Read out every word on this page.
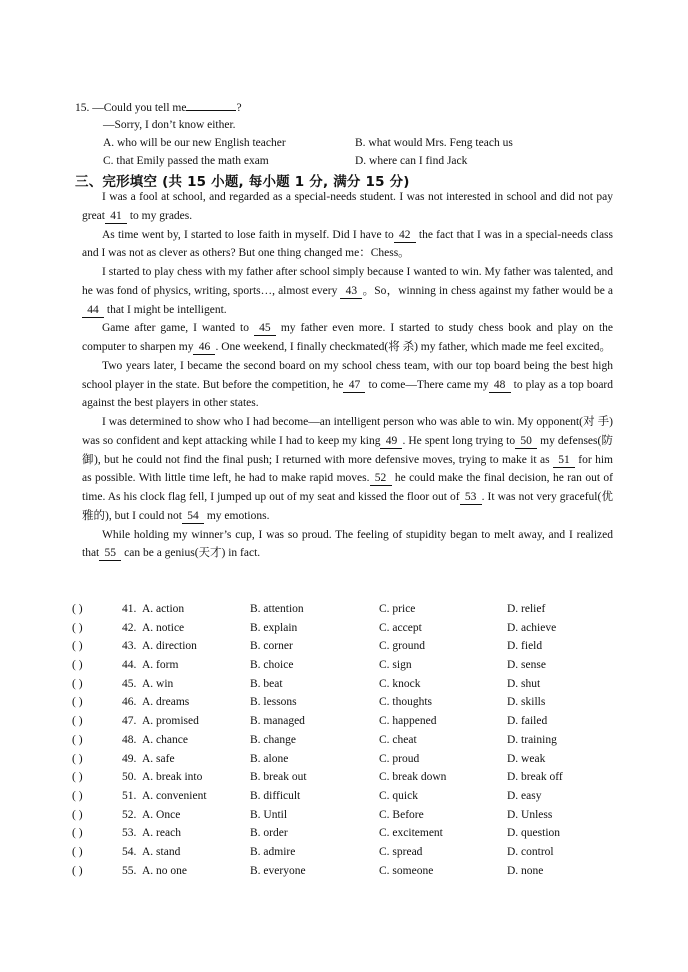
15. —Could you tell me	?
—Sorry, I don’t know either.
A. who will be our new English teacher	B. what would Mrs. Feng teach us
C. that Emily passed the math exam	D. where can I find Jack
三、完形填空 (共 15 小题, 每小题 1 分, 满分 15 分)

I was a fool at school, and regarded as a special-needs student. I was not interested in school and did not pay great 41 to my grades.

As time went by, I started to lose faith in myself. Did I have to 42 the fact that I was in a special-needs class and I was not as clever as others? But one thing changed me：Chess。

I started to play chess with my father after school simply because I wanted to win. My father was talented, and he was fond of physics, writing, sports…, almost every 43 。So，winning in chess against my father would be a44 that I might be intelligent.

Game after game, I wanted to 45 my father even more. I started to study chess book and play on the computer to sharpen my 46 . One weekend, I finally checkmated(将 杀) my father, which made me feel excited。

Two years later, I became the second board on my school chess team, with our top board being the best high school player in the state. But before the competition, he 47 to come—There came my 48 to play as a top board against the best players in other states.

I was determined to show who I had become—an intelligent person who was able to win. My opponent(对 手) was so confident and kept attacking while I had to keep my king 49 . He spent long trying to 50 my defenses(防 御), but he could not find the final push; I returned with more defensive moves, trying to make it as 51 for him as possible. With little time left, he had to make rapid moves. 52 he could make the final decision, he ran out of time. As his clock flag fell, I jumped up out of my seat and kissed the floor out of 53 . It was not very graceful(优雅的), but I could not 54 my emotions.

While holding my winner’s cup, I was so proud. The feeling of stupidity began to melt away, and I realized that 55 can be a genius(天才) in fact.

( )	41. A. action	B. attention	C. price	D. relief
( )	42. A. notice	B. explain	C. accept	D. achieve
( )	43. A. direction	B. corner	C. ground	D. field
( )	44. A. form	B. choice	C. sign	D. sense
( )	45. A. win	B. beat	C. knock	D. shut
( )	46. A. dreams	B. lessons	C. thoughts	D. skills
( )	47. A. promised	B. managed	C. happened	D. failed
( )	48. A. chance	B. change	C. cheat	D. training
( )	49. A. safe	B. alone	C. proud	D. weak
( )	50. A. break into	B. break out	C. break down	D. break off
( )	51. A. convenient	B. difficult	C. quick	D. easy
( )	52. A. Once	B. Until	C. Before	D. Unless
( )	53. A. reach	B. order	C. excitement	D. question
( )	54. A. stand	B. admire	C. spread	D. control
( )	55. A. no one	B. everyone	C. someone	D. none
